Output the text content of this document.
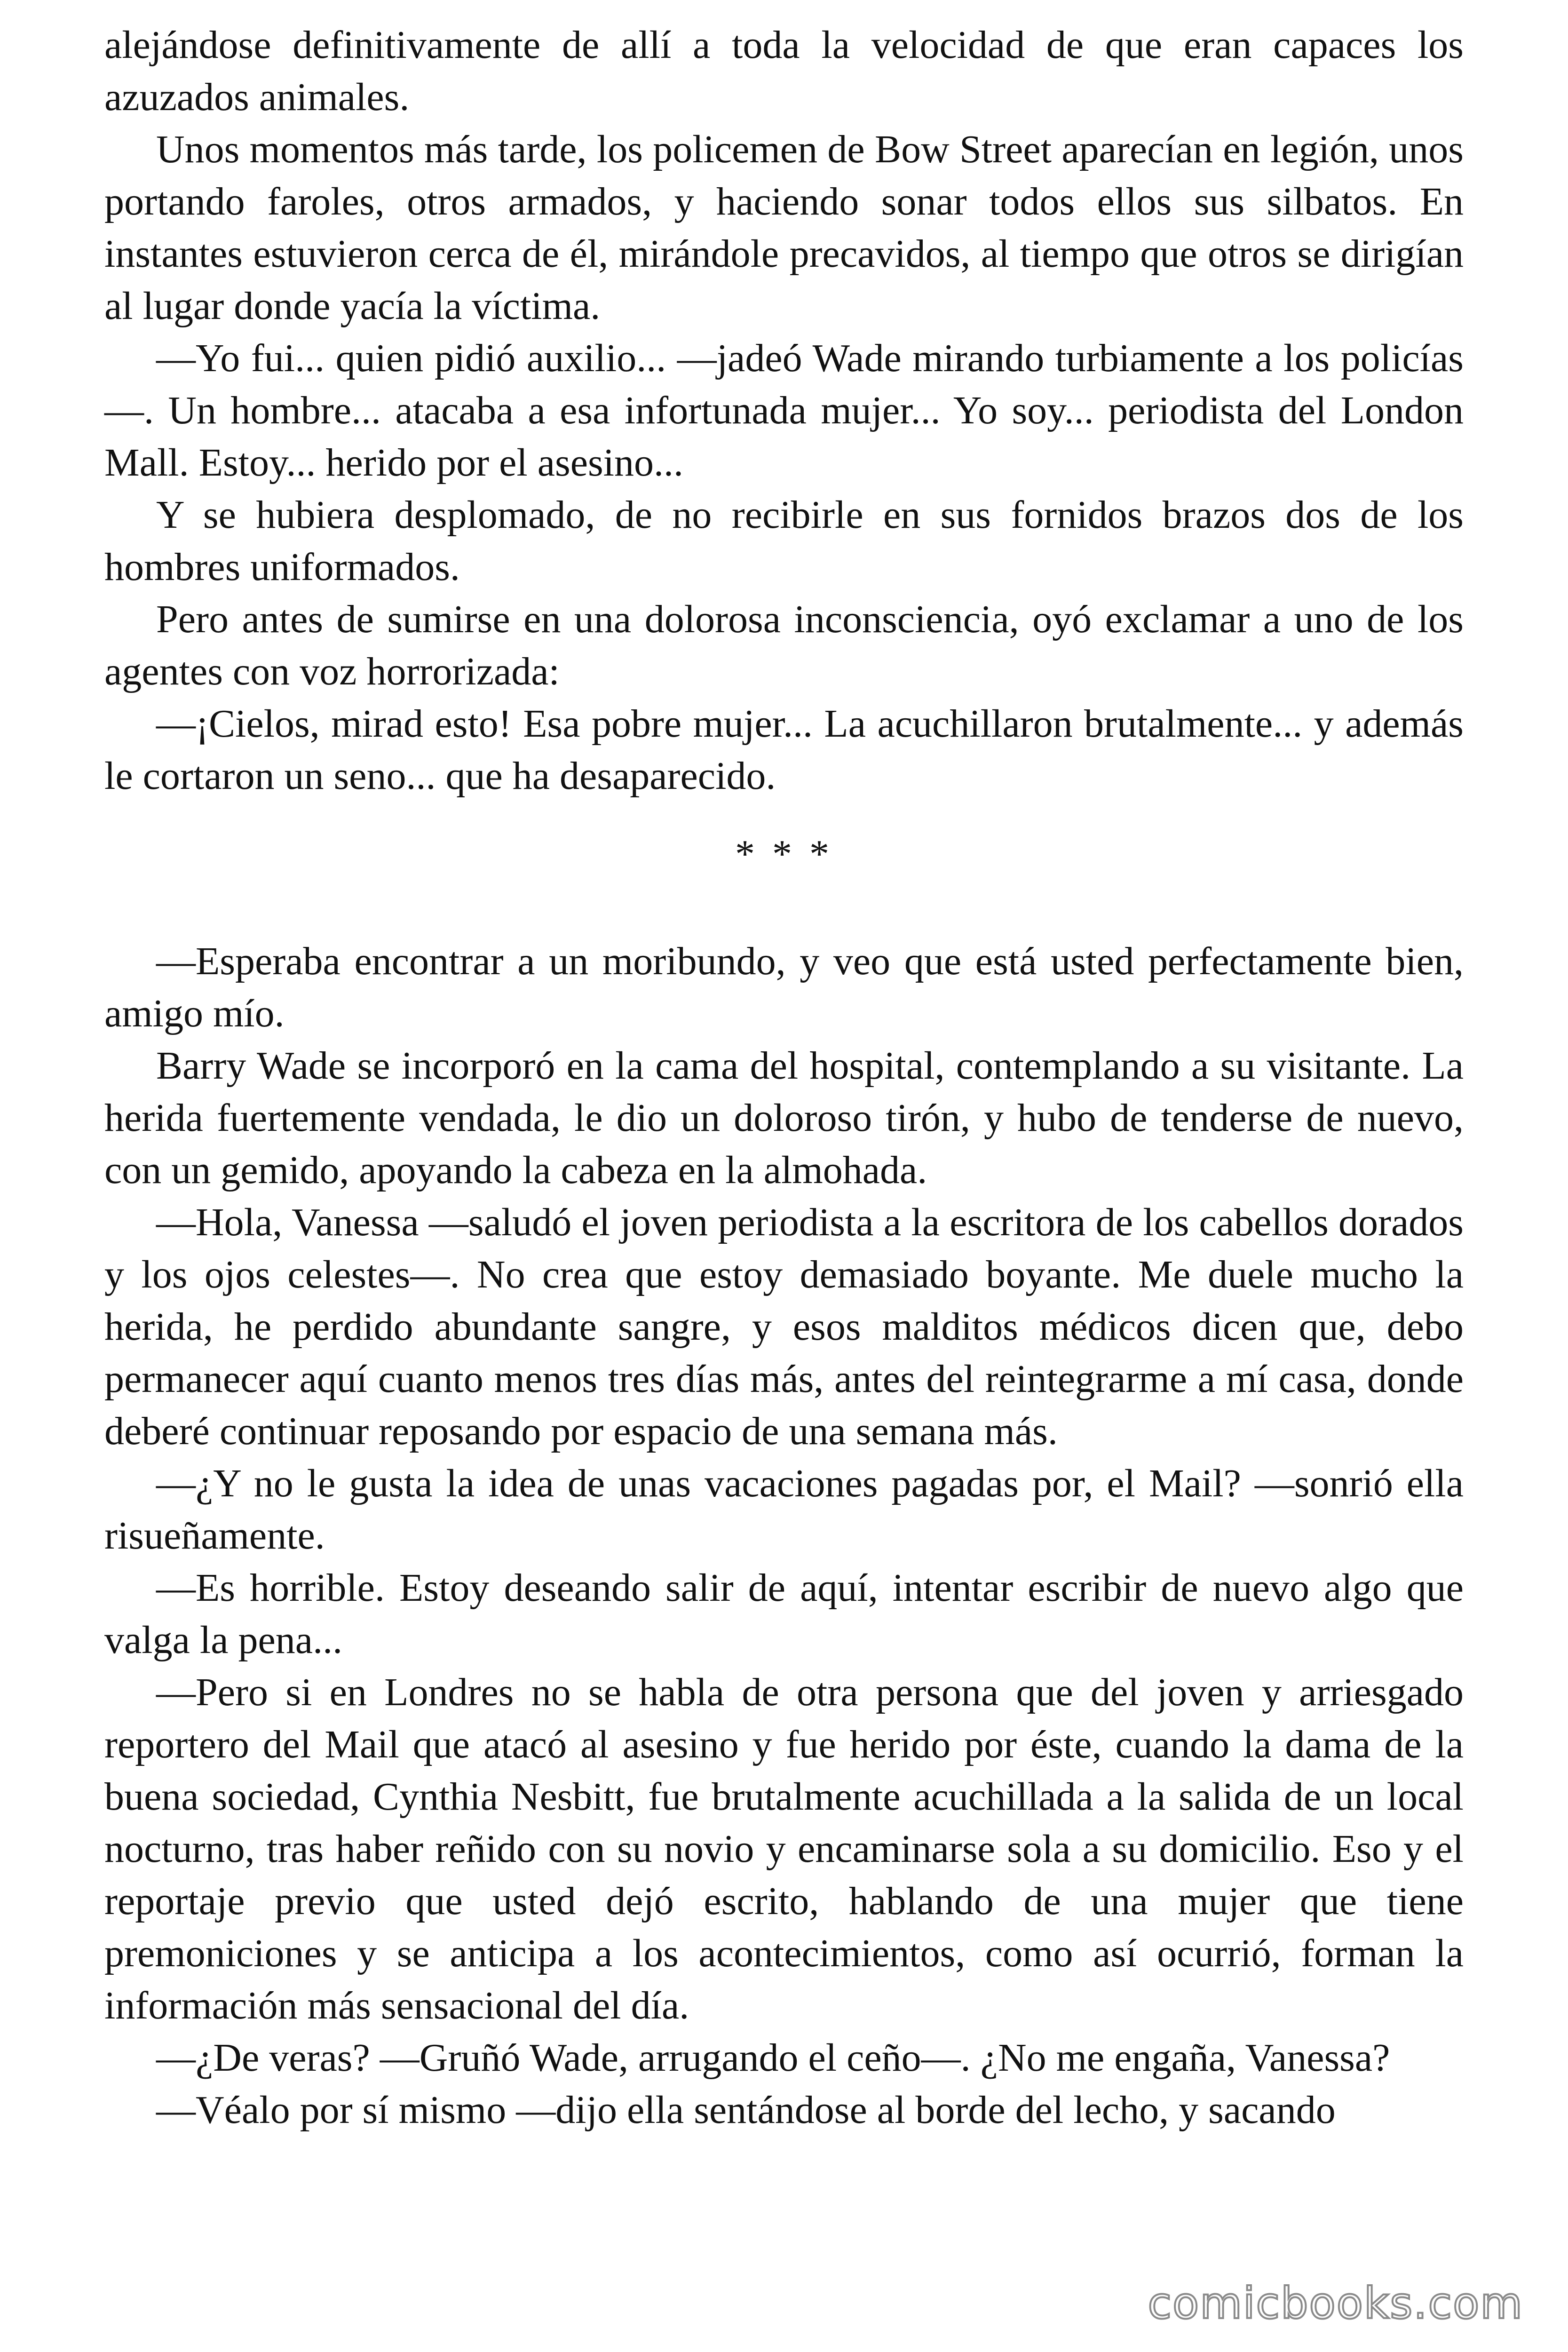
alejándose definitivamente de allí a toda la velocidad de que eran capaces los azuzados animales.

Unos momentos más tarde, los policemen de Bow Street aparecían en legión, unos portando faroles, otros armados, y haciendo sonar todos ellos sus silbatos. En instantes estuvieron cerca de él, mirándole precavidos, al tiempo que otros se dirigían al lugar donde yacía la víctima.

—Yo fui... quien pidió auxilio... —jadeó Wade mirando turbiamente a los policías—. Un hombre... atacaba a esa infortunada mujer... Yo soy... periodista del London Mall. Estoy... herido por el asesino...

Y se hubiera desplomado, de no recibirle en sus fornidos brazos dos de los hombres uniformados.

Pero antes de sumirse en una dolorosa inconsciencia, oyó exclamar a uno de los agentes con voz horrorizada:

—¡Cielos, mirad esto! Esa pobre mujer... La acuchillaron brutalmente... y además le cortaron un seno... que ha desaparecido.

* * *

—Esperaba encontrar a un moribundo, y veo que está usted perfectamente bien, amigo mío.

Barry Wade se incorporó en la cama del hospital, contemplando a su visitante. La herida fuertemente vendada, le dio un doloroso tirón, y hubo de tenderse de nuevo, con un gemido, apoyando la cabeza en la almohada.

—Hola, Vanessa —saludó el joven periodista a la escritora de los cabellos dorados y los ojos celestes—. No crea que estoy demasiado boyante. Me duele mucho la herida, he perdido abundante sangre, y esos malditos médicos dicen que, debo permanecer aquí cuanto menos tres días más, antes del reintegrarme a mí casa, donde deberé continuar reposando por espacio de una semana más.

—¿Y no le gusta la idea de unas vacaciones pagadas por, el Mail? —sonrió ella risueñamente.

—Es horrible. Estoy deseando salir de aquí, intentar escribir de nuevo algo que valga la pena...

—Pero si en Londres no se habla de otra persona que del joven y arriesgado reportero del Mail que atacó al asesino y fue herido por éste, cuando la dama de la buena sociedad, Cynthia Nesbitt, fue brutalmente acuchillada a la salida de un local nocturno, tras haber reñido con su novio y encaminarse sola a su domicilio. Eso y el reportaje previo que usted dejó escrito, hablando de una mujer que tiene premoniciones y se anticipa a los acontecimientos, como así ocurrió, forman la información más sensacional del día.

—¿De veras? —Gruñó Wade, arrugando el ceño—. ¿No me engaña, Vanessa?

—Véalo por sí mismo —dijo ella sentándose al borde del lecho, y sacando

comicbooks.com
